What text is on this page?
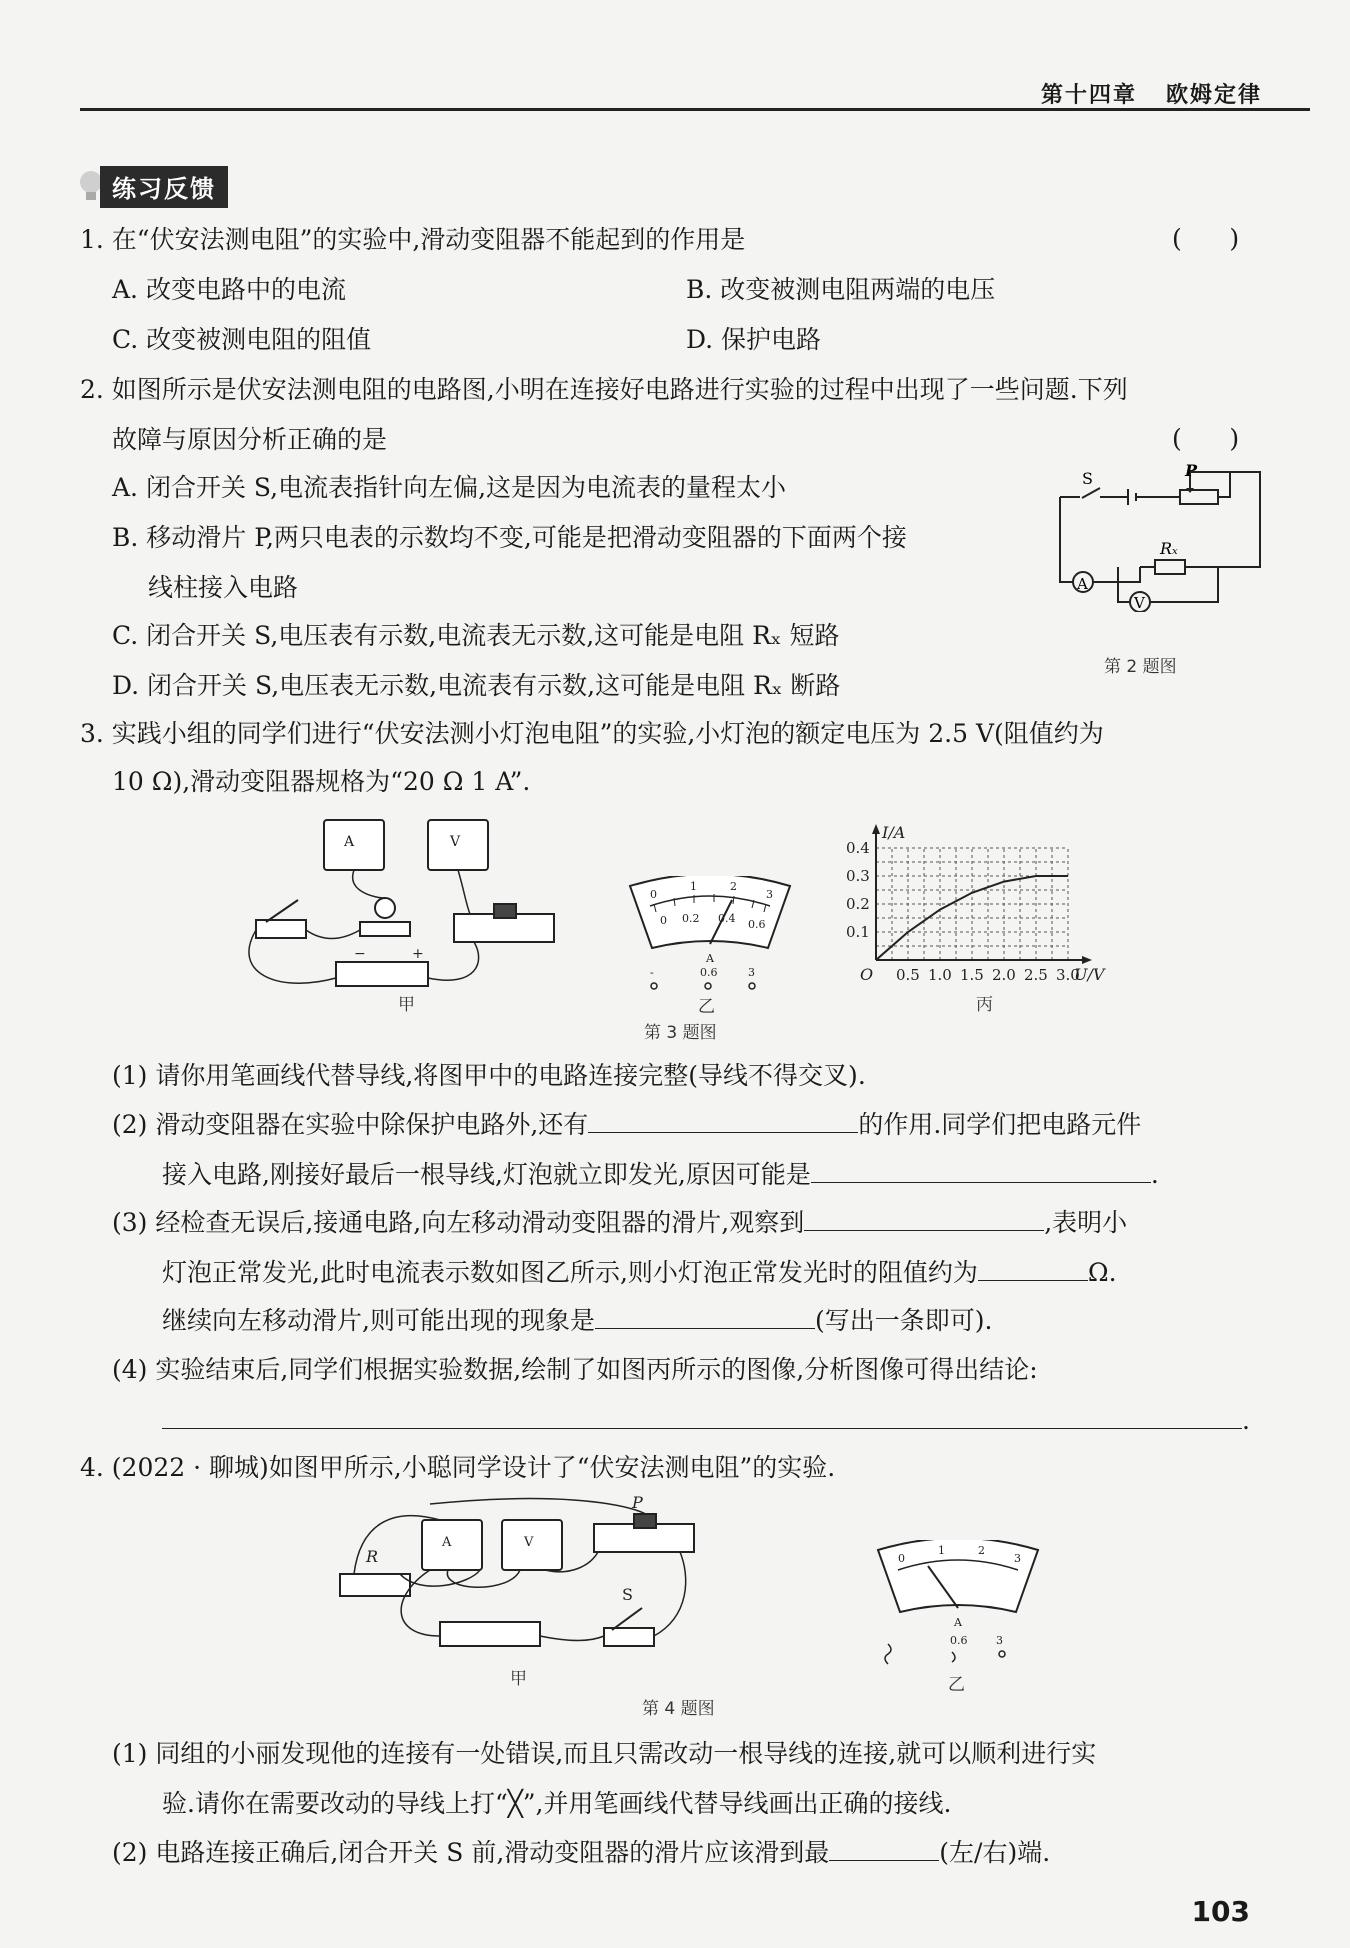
第十四章 欧姆定律
练习反馈
1. 在“伏安法测电阻”的实验中,滑动变阻器不能起到的作用是	(      )
A. 改变电路中的电流	B. 改变被测电阻两端的电压
C. 改变被测电阻的阻值	D. 保护电路
2. 如图所示是伏安法测电阻的电路图,小明在连接好电路进行实验的过程中出现了一些问题.下列
故障与原因分析正确的是	(      )
A. 闭合开关 S,电流表指针向左偏,这是因为电流表的量程太小
B. 移动滑片 P,两只电表的示数均不变,可能是把滑动变阻器的下面两个接
线柱接入电路
C. 闭合开关 S,电压表有示数,电流表无示数,这可能是电阻 Rₓ 短路
D. 闭合开关 S,电压表无示数,电流表有示数,这可能是电阻 Rₓ 断路
A
V
S	P
Rₓ
第 2 题图
3. 实践小组的同学们进行“伏安法测小灯泡电阻”的实验,小灯泡的额定电压为 2.5 V(阻值约为
10 Ω),滑动变阻器规格为“20 Ω 1 A”.
A	V
−	+
甲
0
1	2
3
0 0.2 0.4 0.6
A
-	0.6	3
乙
0.5 1.0 1.5 2.0 2.5 3.0
0.1
0.2
0.3
0.4
I/A
U/V
O
丙
第 3 题图
(1) 请你用笔画线代替导线,将图甲中的电路连接完整(导线不得交叉).
(2) 滑动变阻器在实验中除保护电路外,还有	的作用.同学们把电路元件
接入电路,刚接好最后一根导线,灯泡就立即发光,原因可能是	.
(3) 经检查无误后,接通电路,向左移动滑动变阻器的滑片,观察到	,表明小
灯泡正常发光,此时电流表示数如图乙所示,则小灯泡正常发光时的阻值约为	Ω.
继续向左移动滑片,则可能出现的现象是	(写出一条即可).
(4) 实验结束后,同学们根据实验数据,绘制了如图丙所示的图像,分析图像可得出结论:
.
4. (2022 · 聊城)如图甲所示,小聪同学设计了“伏安法测电阻”的实验.
R
P
S
A	V
甲
0
1	2
3
A
0.6	3
乙
第 4 题图
(1) 同组的小丽发现他的连接有一处错误,而且只需改动一根导线的连接,就可以顺利进行实
验.请你在需要改动的导线上打“╳”,并用笔画线代替导线画出正确的接线.
(2) 电路连接正确后,闭合开关 S 前,滑动变阻器的滑片应该滑到最	(左/右)端.
103
